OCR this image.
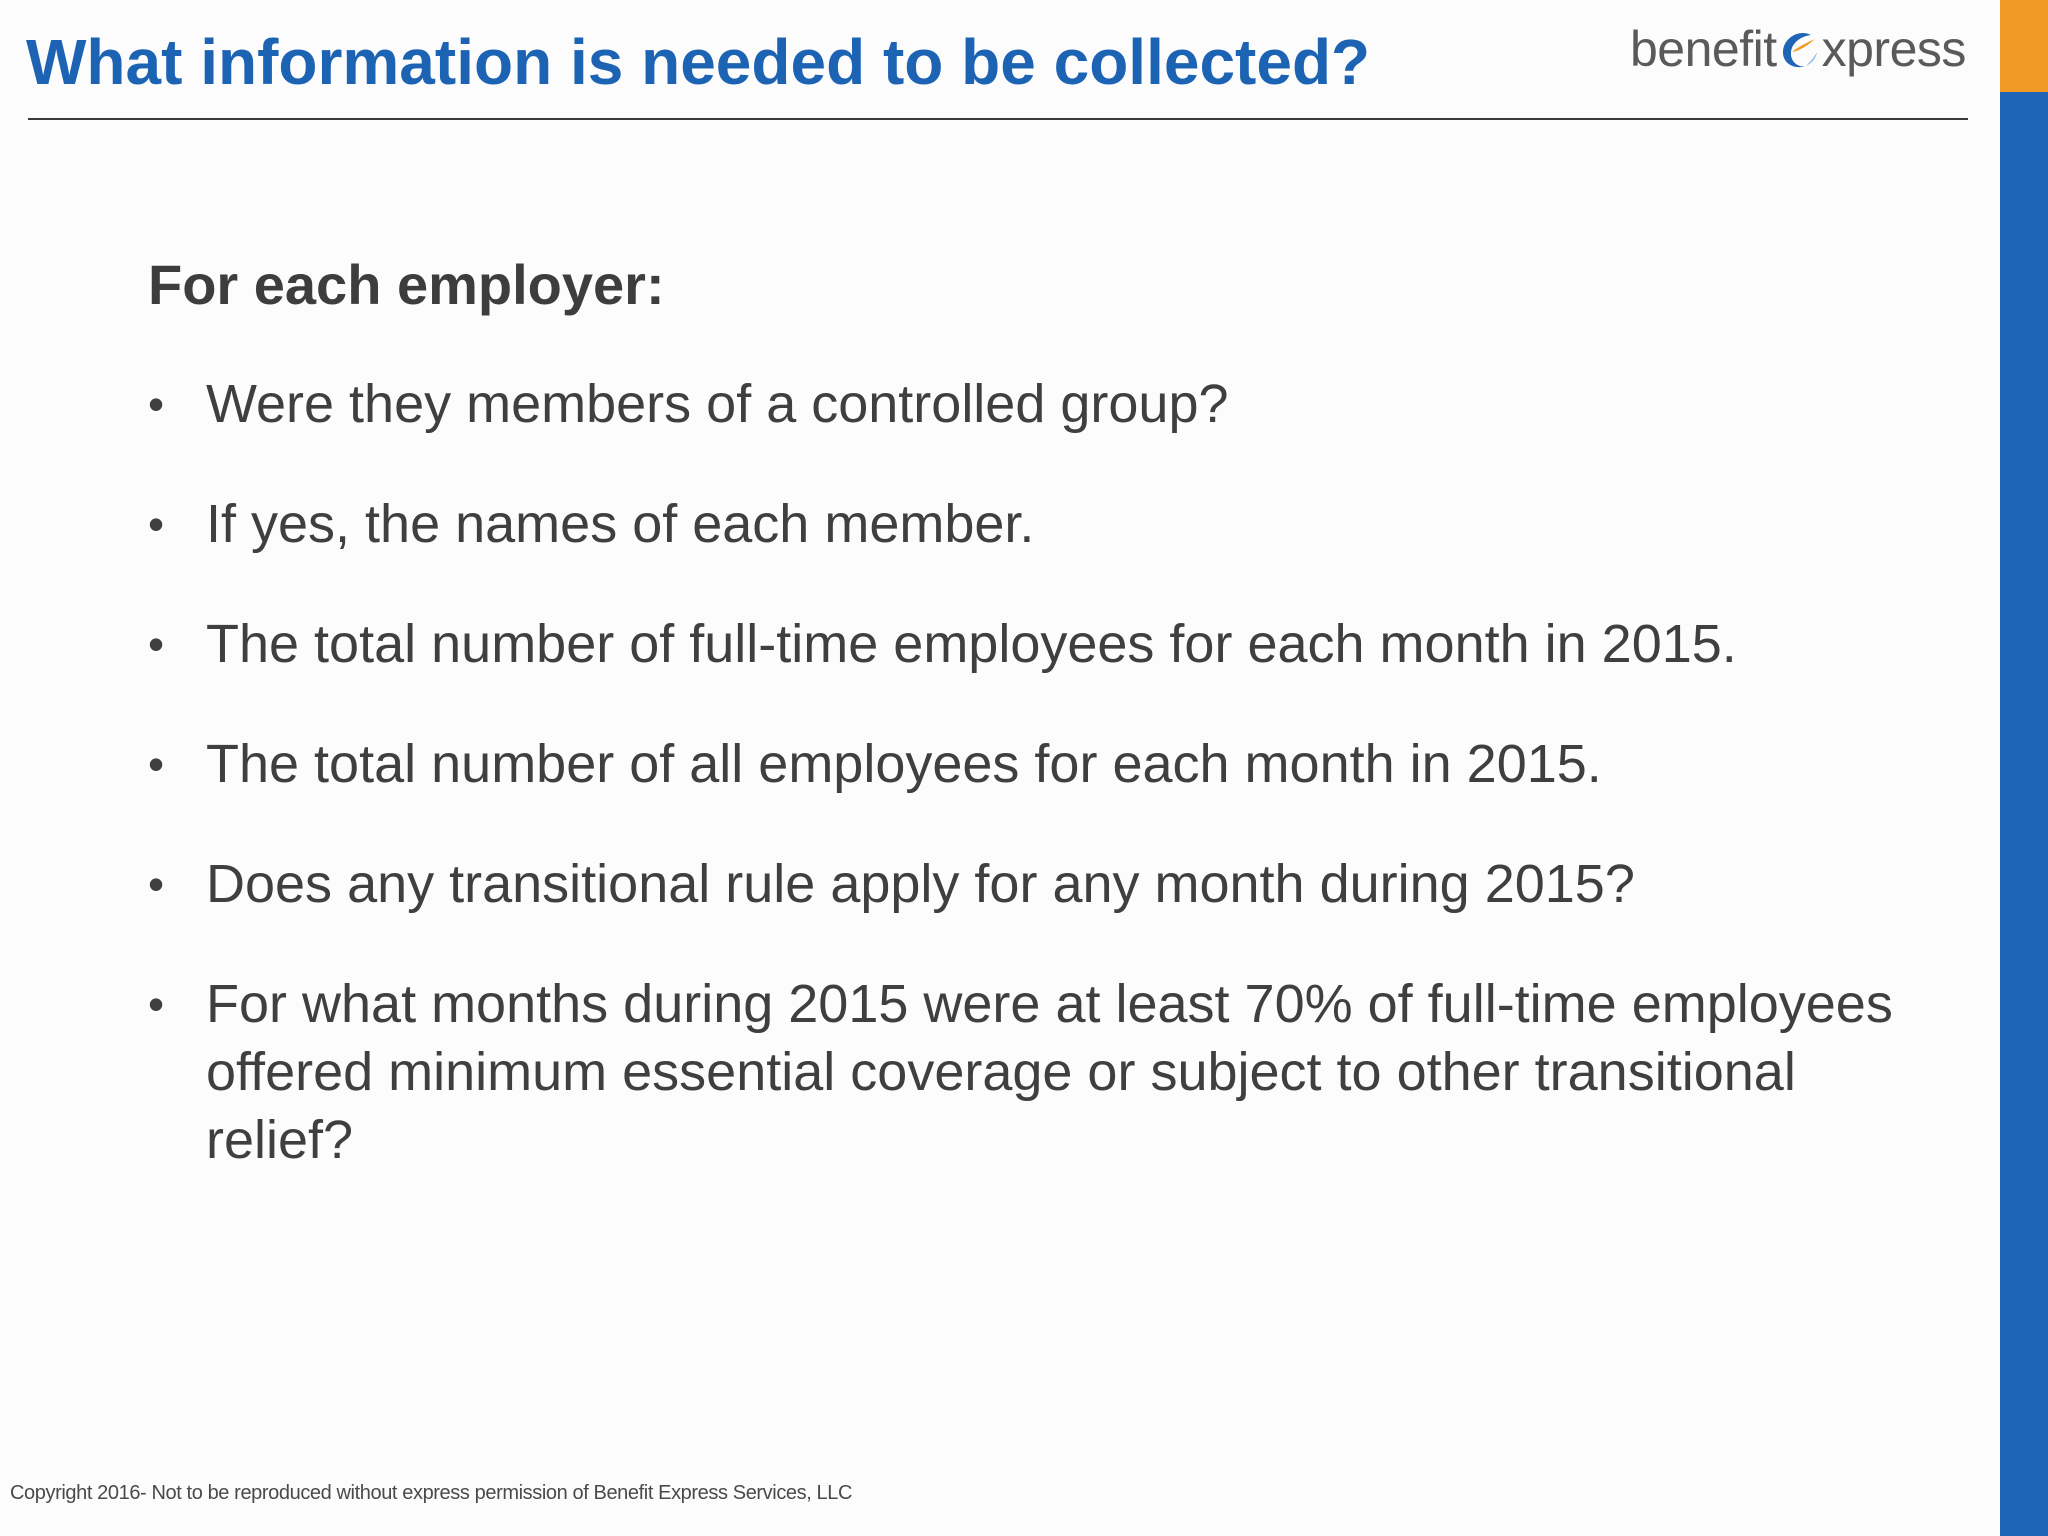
What information is needed to be collected?	benefit xpress
For each employer:
• Were they members of a controlled group?
• If yes, the names of each member.
• The total number of full-time employees for each month in 2015.
• The total number of all employees for each month in 2015.
• Does any transitional rule apply for any month during 2015?
• For what months during 2015 were at least 70% of full-time employees offered minimum essential coverage or subject to other transitional relief?
Copyright 2016- Not to be reproduced without express permission of Benefit Express Services, LLC
